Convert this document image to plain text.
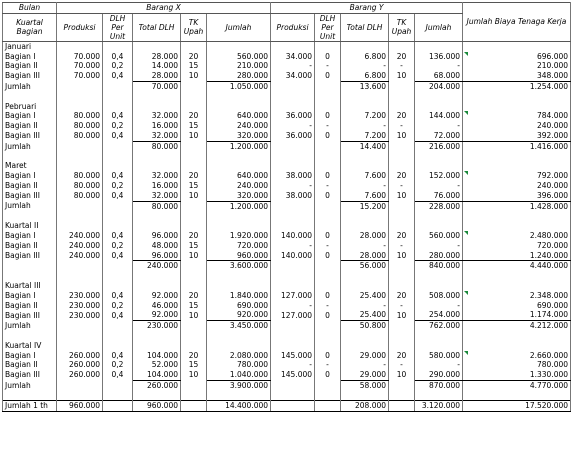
Bulan	Barang X					Barang Y					Jumlah Biaya Tenaga Kerja
Kuartal Bagian	Produksi	DLH Per Unit	Total DLH	TK Upah	Jumlah	Produksi	DLH Per Unit	Total DLH	TK Upah	Jumlah	
Januari											
Bagian I	70.000	0,4	28.000	20	560.000	34.000	0	6.800	20	136.000	696.000

Bagian II	70.000	0,2	14.000	15	210.000	-	-	-	-	-	210.000
Bagian III	70.000	0,4	28.000	10	280.000	34.000	0	6.800	10	68.000	348.000
Jumlah			70.000		1.050.000			13.600		204.000	1.254.000

Pebruari											
Bagian I	80.000	0,4	32.000	20	640.000	36.000	0	7.200	20	144.000	784.000

Bagian II	80.000	0,2	16.000	15	240.000	-	-	-	-	-	240.000
Bagian III	80.000	0,4	32.000	10	320.000	36.000	0	7.200	10	72.000	392.000
Jumlah			80.000		1.200.000			14.400		216.000	1.416.000

Maret											
Bagian I	80.000	0,4	32.000	20	640.000	38.000	0	7.600	20	152.000	792.000

Bagian II	80.000	0,2	16.000	15	240.000	-	-	-	-	-	240.000
Bagian III	80.000	0,4	32.000	10	320.000	38.000	0	7.600	10	76.000	396.000
Jumlah			80.000		1.200.000			15.200		228.000	1.428.000

Kuartal II											
Bagian I	240.000	0,4	96.000	20	1.920.000	140.000	0	28.000	20	560.000	2.480.000

Bagian II	240.000	0,2	48.000	15	720.000	-	-	-	-	-	720.000
Bagian III	240.000	0,4	96.000	10	960.000	140.000	0	28.000	10	280.000	1.240.000
			240.000		3.600.000			56.000		840.000	4.440.000

Kuartal III											
Bagian I	230.000	0,4	92.000	20	1.840.000	127.000	0	25.400	20	508.000	2.348.000

Bagian II	230.000	0,2	46.000	15	690.000	-	-	-	-	-	690.000
Bagian III	230.000	0,4	92.000	10	920.000	127.000	0	25.400	10	254.000	1.174.000
Jumlah			230.000		3.450.000			50.800		762.000	4.212.000

Kuartal IV											
Bagian I	260.000	0,4	104.000	20	2.080.000	145.000	0	29.000	20	580.000	2.660.000

Bagian II	260.000	0,2	52.000	15	780.000	-	-	-	-	-	780.000
Bagian III	260.000	0,4	104.000	10	1.040.000	145.000	0	29.000	10	290.000	1.330.000
Jumlah			260.000		3.900.000			58.000		870.000	4.770.000

Jumlah 1 th	960.000		960.000		14.400.000			208.000		3.120.000	17.520.000
